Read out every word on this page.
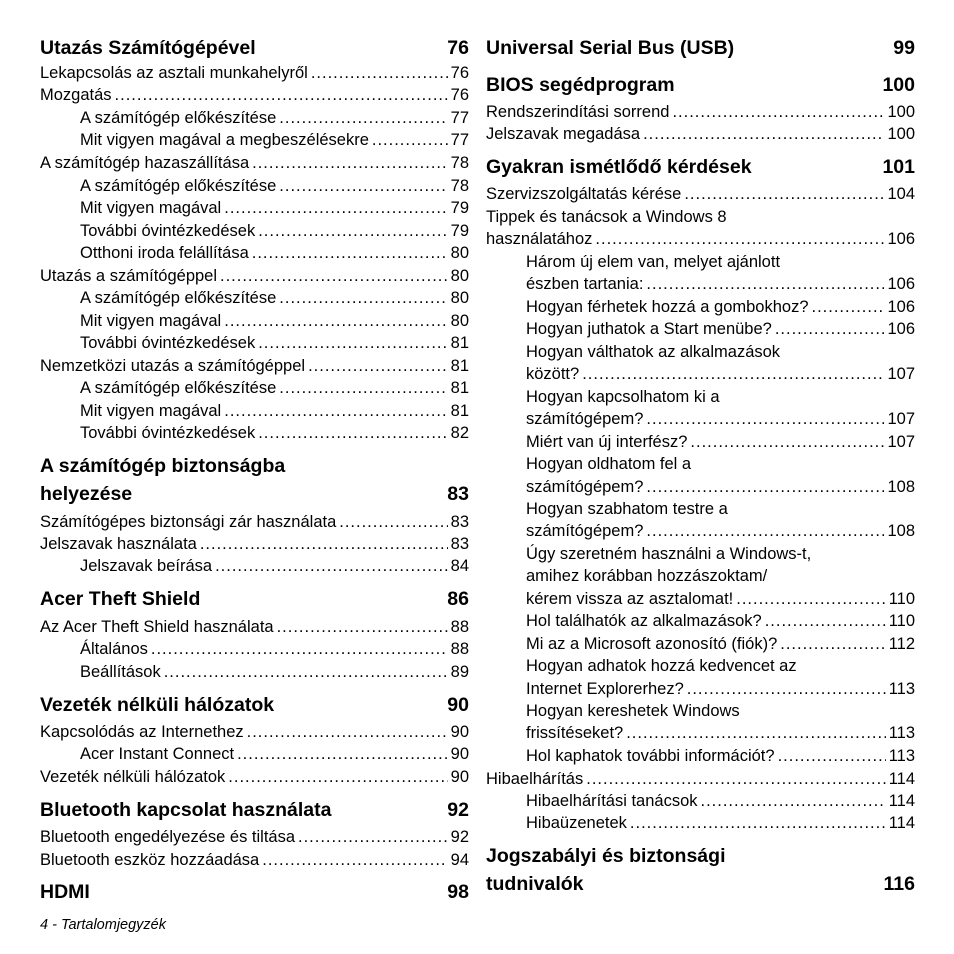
Utazás Számítógépével	76
Lekapcsolás az asztali munkahelyről .....	76
Mozgatás .....	76
A számítógép előkészítése .....	77
Mit vigyen magával a megbeszélésekre .....	77
A számítógép hazaszállítása .....	78
A számítógép előkészítése .....	78
Mit vigyen magával .....	79
További óvintézkedések .....	79
Otthoni iroda felállítása .....	80
Utazás a számítógéppel .....	80
A számítógép előkészítése .....	80
Mit vigyen magával .....	80
További óvintézkedések .....	81
Nemzetközi utazás a számítógéppel .....	81
A számítógép előkészítése .....	81
Mit vigyen magával .....	81
További óvintézkedések .....	82
A számítógép biztonságba
helyezése	83
Számítógépes biztonsági zár használata .....	83
Jelszavak használata .....	83
Jelszavak beírása .....	84
Acer Theft Shield	86
Az Acer Theft Shield használata .....	88
Általános .....	88
Beállítások .....	89
Vezeték nélküli hálózatok	90
Kapcsolódás az Internethez .....	90
Acer Instant Connect .....	90
Vezeték nélküli hálózatok .....	90
Bluetooth kapcsolat használata	92
Bluetooth engedélyezése és tiltása .....	92
Bluetooth eszköz hozzáadása .....	94
HDMI	98
Universal Serial Bus (USB)	99
BIOS segédprogram	100
Rendszerindítási sorrend .....	100
Jelszavak megadása .....	100
Gyakran ismétlődő kérdések	101
Szervizszolgáltatás kérése .....	104
Tippek és tanácsok a Windows 8
használatához .....	106
Három új elem van, melyet ajánlott
észben tartania: .....	106
Hogyan férhetek hozzá a gombokhoz? .....	106
Hogyan juthatok a Start menübe? .....	106
Hogyan válthatok az alkalmazások
között? .....	107
Hogyan kapcsolhatom ki a
számítógépem? .....	107
Miért van új interfész? .....	107
Hogyan oldhatom fel a
számítógépem? .....	108
Hogyan szabhatom testre a
számítógépem? .....	108
Úgy szeretném használni a Windows-t,
amihez korábban hozzászoktam/
kérem vissza az asztalomat! .....	110
Hol találhatók az alkalmazások? .....	110
Mi az a Microsoft azonosító (fiók)? .....	112
Hogyan adhatok hozzá kedvencet az
Internet Explorerhez? .....	113
Hogyan kereshetek Windows
frissítéseket? .....	113
Hol kaphatok további információt? .....	113
Hibaelhárítás .....	114
Hibaelhárítási tanácsok .....	114
Hibaüzenetek .....	114
Jogszabályi és biztonsági
tudnivalók	116
4 - Tartalomjegyzék
